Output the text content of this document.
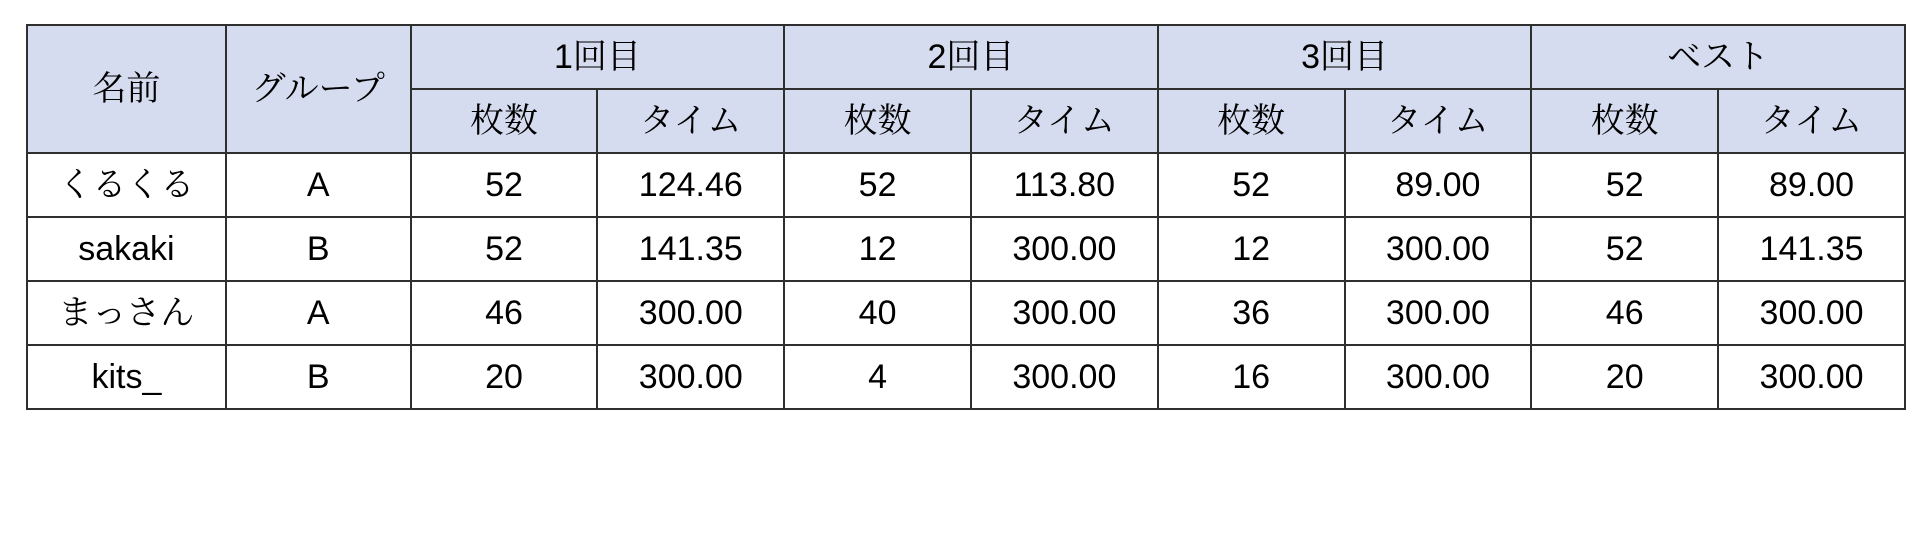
名前	グループ	1回目		2回目		3回目		ベスト	
		枚数	タイム	枚数	タイム	枚数	タイム	枚数	タイム
くるくる	A	52	124.46	52	113.80	52	89.00	52	89.00
sakaki	B	52	141.35	12	300.00	12	300.00	52	141.35
まっさん	A	46	300.00	40	300.00	36	300.00	46	300.00
kits_	B	20	300.00	4	300.00	16	300.00	20	300.00
